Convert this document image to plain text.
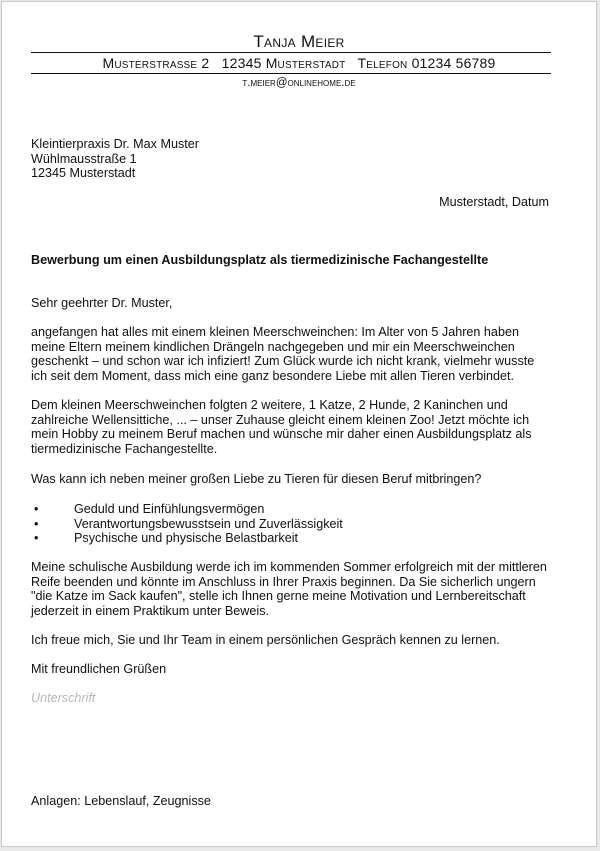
Tanja Meier
Musterstrasse 2 12345 Musterstadt Telefon 01234 56789
t.meier@onlinehome.de
Kleintierpraxis Dr. Max Muster
Wühlmausstraße 1
12345 Musterstadt
Musterstadt, Datum
Bewerbung um einen Ausbildungsplatz als tiermedizinische Fachangestellte
Sehr geehrter Dr. Muster,
angefangen hat alles mit einem kleinen Meerschweinchen: Im Alter von 5 Jahren haben
meine Eltern meinem kindlichen Drängeln nachgegeben und mir ein Meerschweinchen
geschenkt – und schon war ich infiziert! Zum Glück wurde ich nicht krank, vielmehr wusste
ich seit dem Moment, dass mich eine ganz besondere Liebe mit allen Tieren verbindet.
Dem kleinen Meerschweinchen folgten 2 weitere, 1 Katze, 2 Hunde, 2 Kaninchen und
zahlreiche Wellensittiche, ... – unser Zuhause gleicht einem kleinen Zoo! Jetzt möchte ich
mein Hobby zu meinem Beruf machen und wünsche mir daher einen Ausbildungsplatz als
tiermedizinische Fachangestellte.
Was kann ich neben meiner großen Liebe zu Tieren für diesen Beruf mitbringen?
•	Geduld und Einfühlungsvermögen
•	Verantwortungsbewusstsein und Zuverlässigkeit
•	Psychische und physische Belastbarkeit
Meine schulische Ausbildung werde ich im kommenden Sommer erfolgreich mit der mittleren
Reife beenden und könnte im Anschluss in Ihrer Praxis beginnen. Da Sie sicherlich ungern
"die Katze im Sack kaufen", stelle ich Ihnen gerne meine Motivation und Lernbereitschaft
jederzeit in einem Praktikum unter Beweis.
Ich freue mich, Sie und Ihr Team in einem persönlichen Gespräch kennen zu lernen.
Mit freundlichen Grüßen
Unterschrift
Anlagen: Lebenslauf, Zeugnisse
